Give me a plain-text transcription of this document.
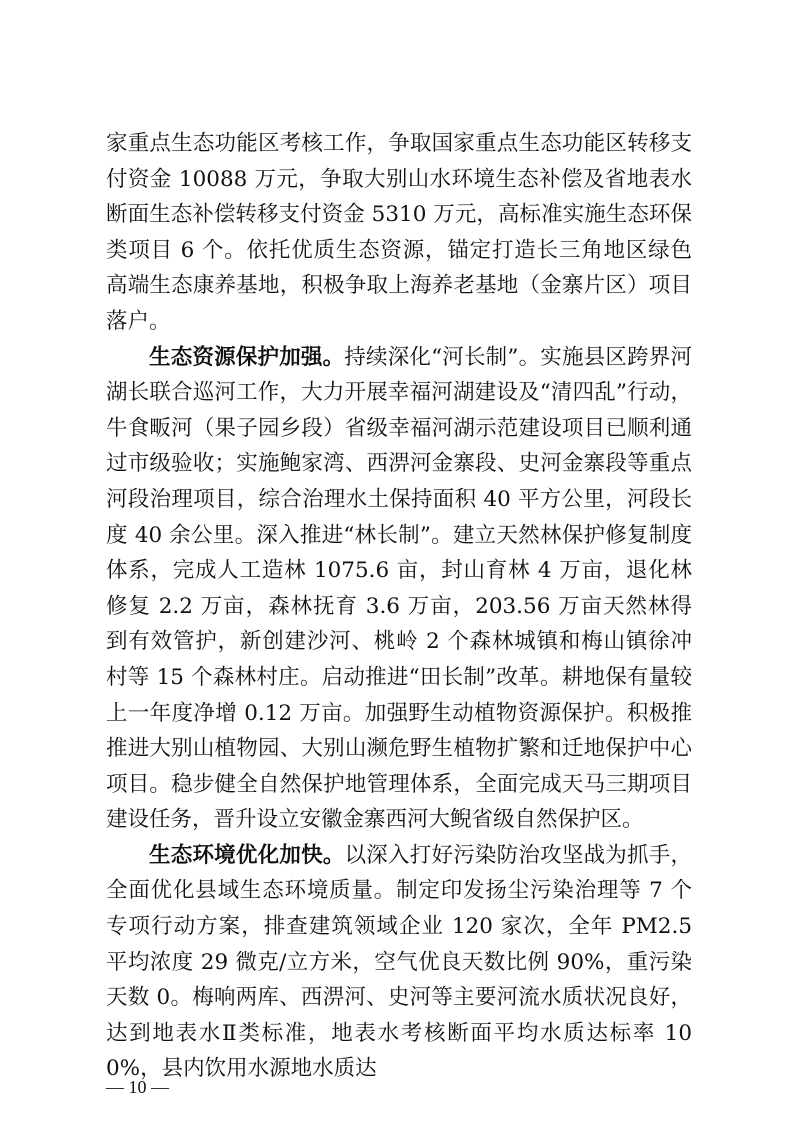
家重点生态功能区考核工作，争取国家重点生态功能区转移支付资金 10088 万元，争取大别山水环境生态补偿及省地表水断面生态补偿转移支付资金 5310 万元，高标准实施生态环保类项目 6 个。依托优质生态资源，锚定打造长三角地区绿色高端生态康养基地，积极争取上海养老基地（金寨片区）项目落户。

生态资源保护加强。持续深化“河长制”。实施县区跨界河湖长联合巡河工作，大力开展幸福河湖建设及“清四乱”行动，牛食畈河（果子园乡段）省级幸福河湖示范建设项目已顺利通过市级验收；实施鲍家湾、西淠河金寨段、史河金寨段等重点河段治理项目，综合治理水土保持面积 40 平方公里，河段长度 40 余公里。深入推进“林长制”。建立天然林保护修复制度体系，完成人工造林 1075.6 亩，封山育林 4 万亩，退化林修复 2.2 万亩，森林抚育 3.6 万亩，203.56 万亩天然林得到有效管护，新创建沙河、桃岭 2 个森林城镇和梅山镇徐冲村等 15 个森林村庄。启动推进“田长制”改革。耕地保有量较上一年度净增 0.12 万亩。加强野生动植物资源保护。积极推推进大别山植物园、大别山濒危野生植物扩繁和迁地保护中心项目。稳步健全自然保护地管理体系，全面完成天马三期项目建设任务，晋升设立安徽金寨西河大鲵省级自然保护区。

生态环境优化加快。以深入打好污染防治攻坚战为抓手，全面优化县域生态环境质量。制定印发扬尘污染治理等 7 个专项行动方案，排查建筑领域企业 120 家次，全年 PM2.5 平均浓度 29 微克/立方米，空气优良天数比例 90%，重污染天数 0。梅响两库、西淠河、史河等主要河流水质状况良好，达到地表水Ⅱ类标准，地表水考核断面平均水质达标率 100%，县内饮用水源地水质达

— 10 —
